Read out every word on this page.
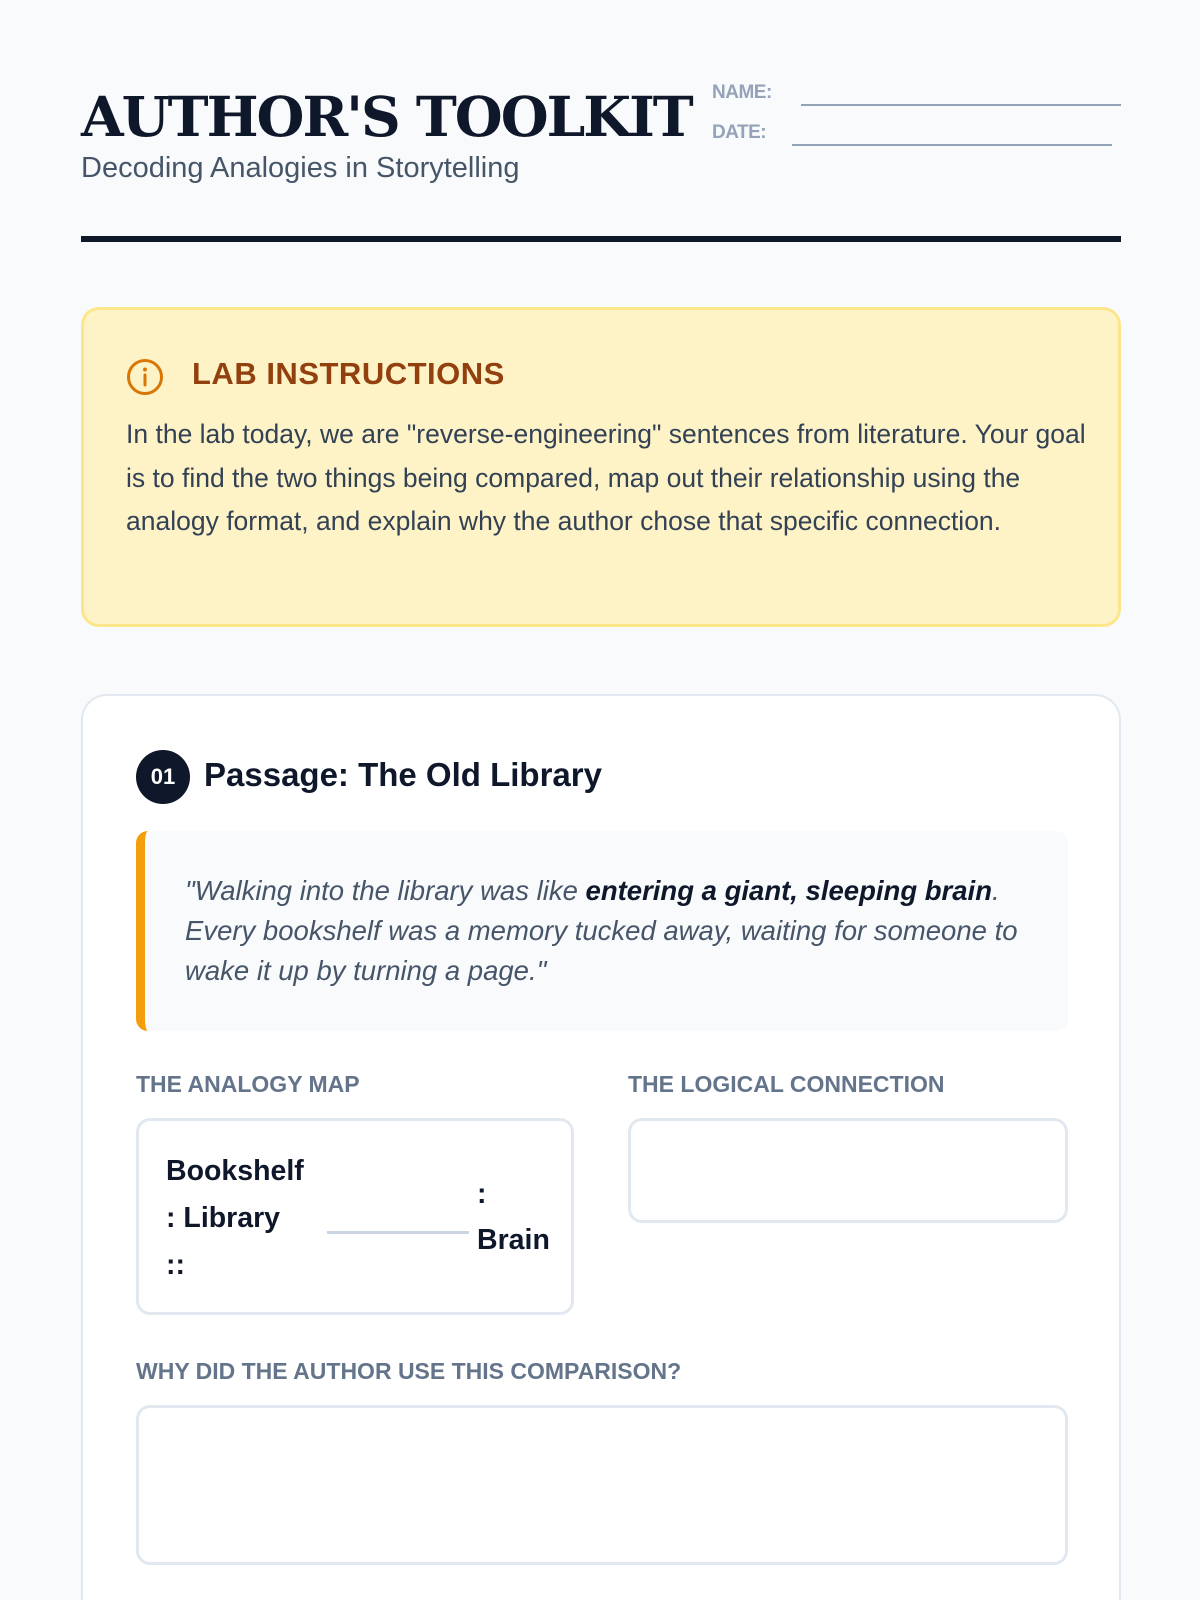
AUTHOR'S TOOLKIT
Decoding Analogies in Storytelling
NAME:
DATE:
LAB INSTRUCTIONS
In the lab today, we are "reverse-engineering" sentences from literature. Your goal is to find the two things being compared, map out their relationship using the analogy format, and explain why the author chose that specific connection.
01 Passage: The Old Library
"Walking into the library was like entering a giant, sleeping brain. Every bookshelf was a memory tucked away, waiting for someone to wake it up by turning a page."
THE ANALOGY MAP	THE LOGICAL CONNECTION
Bookshelf
: Library
::
:
Brain
WHY DID THE AUTHOR USE THIS COMPARISON?
